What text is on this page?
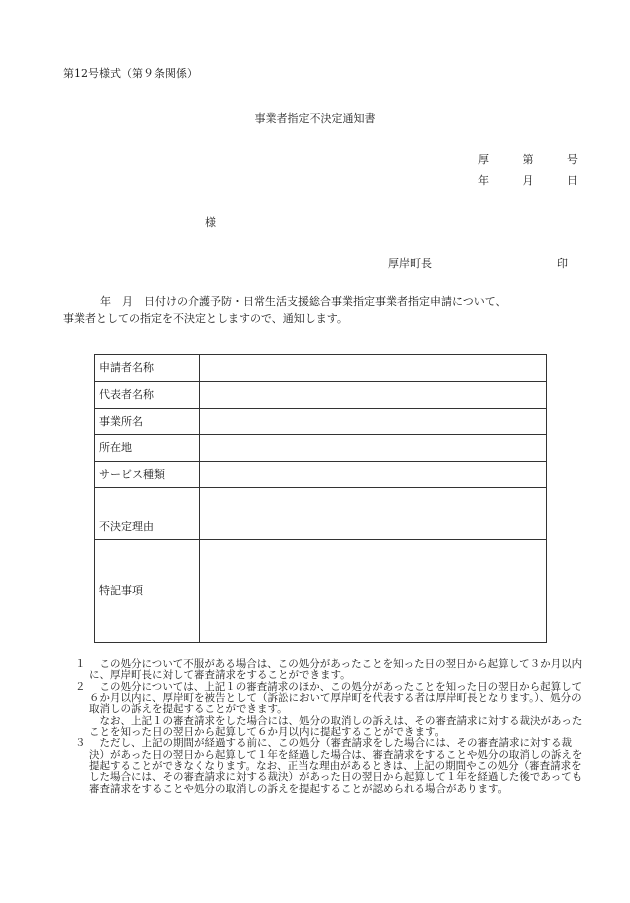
第12号様式（第９条関係）
事業者指定不決定通知書
厚	第	号
年	月	日
様
厚岸町長	印
年　月　日付けの介護予防・日常生活支援総合事業指定事業者指定申請について、
事業者としての指定を不決定としますので、通知します。
申請者名称	
代表者名称	
事業所名	
所在地	
サービス種類	
不決定理由	
特記事項	
１	この処分について不服がある場合は、この処分があったことを知った日の翌日から起算して３か月以内に、厚岸町長に対して審査請求をすることができます。
２	この処分については、上記１の審査請求のほか、この処分があったことを知った日の翌日から起算して６か月以内に、厚岸町を被告として（訴訟において厚岸町を代表する者は厚岸町長となります。）、処分の取消しの訴えを提起することができます。
なお、上記１の審査請求をした場合には、処分の取消しの訴えは、その審査請求に対する裁決があったことを知った日の翌日から起算して６か月以内に提起することができます。
３	ただし、上記の期間が経過する前に、この処分（審査請求をした場合には、その審査請求に対する裁決）があった日の翌日から起算して１年を経過した場合は、審査請求をすることや処分の取消しの訴えを提起することができなくなります。なお、正当な理由があるときは、上記の期間やこの処分（審査請求をした場合には、その審査請求に対する裁決）があった日の翌日から起算して１年を経過した後であっても審査請求をすることや処分の取消しの訴えを提起することが認められる場合があります。
